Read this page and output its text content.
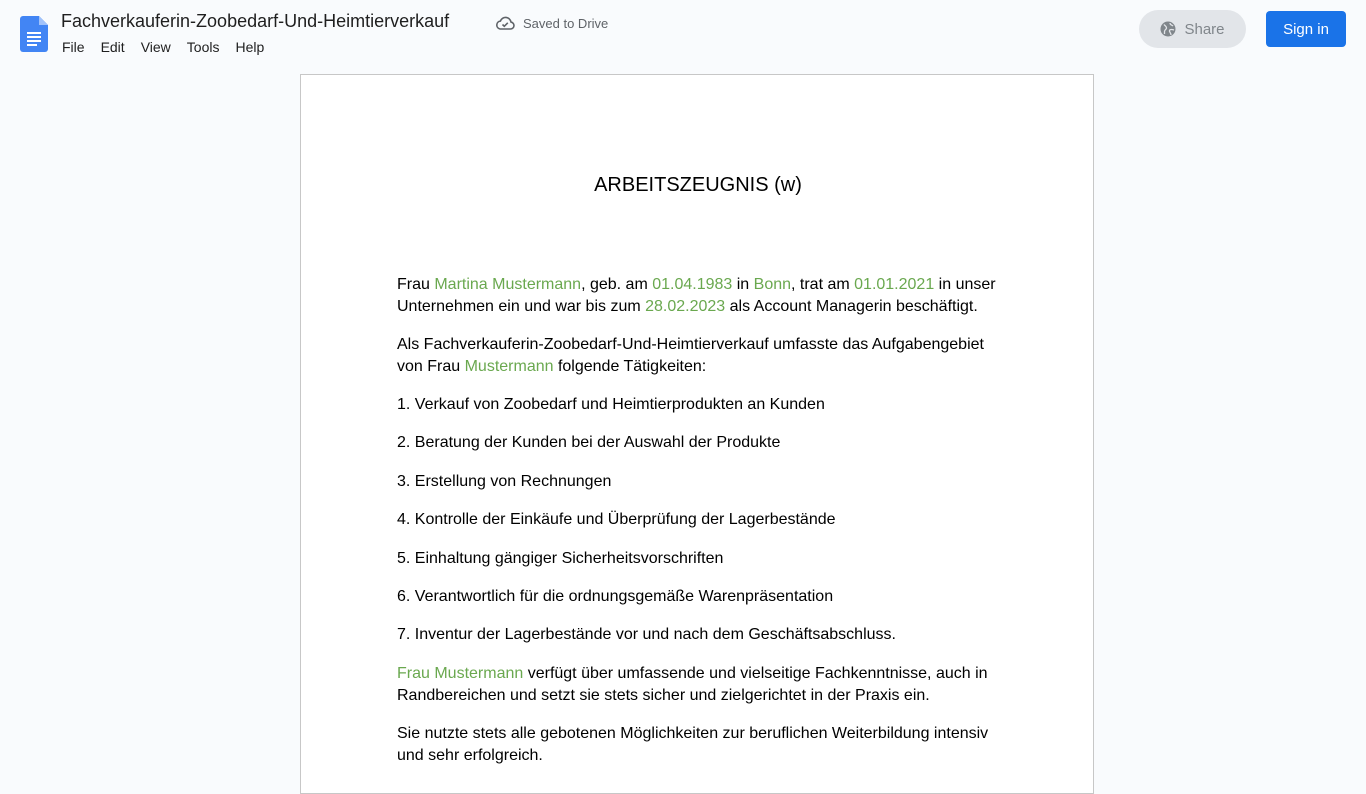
Fachverkauferin-Zoobedarf-Und-Heimtierverkauf	Saved to Drive
File	Edit	View	Tools	Help
Share	Sign in
ARBEITSZEUGNIS (w)

Frau Martina Mustermann, geb. am 01.04.1983 in Bonn, trat am 01.01.2021 in unser Unternehmen ein und war bis zum 28.02.2023 als Account Managerin beschäftigt.

Als Fachverkauferin-Zoobedarf-Und-Heimtierverkauf umfasste das Aufgabengebiet von Frau Mustermann folgende Tätigkeiten:

1. Verkauf von Zoobedarf und Heimtierprodukten an Kunden

2. Beratung der Kunden bei der Auswahl der Produkte

3. Erstellung von Rechnungen

4. Kontrolle der Einkäufe und Überprüfung der Lagerbestände

5. Einhaltung gängiger Sicherheitsvorschriften

6. Verantwortlich für die ordnungsgemäße Warenpräsentation

7. Inventur der Lagerbestände vor und nach dem Geschäftsabschluss.

Frau Mustermann verfügt über umfassende und vielseitige Fachkenntnisse, auch in Randbereichen und setzt sie stets sicher und zielgerichtet in der Praxis ein.

Sie nutzte stets alle gebotenen Möglichkeiten zur beruflichen Weiterbildung intensiv und sehr erfolgreich.
